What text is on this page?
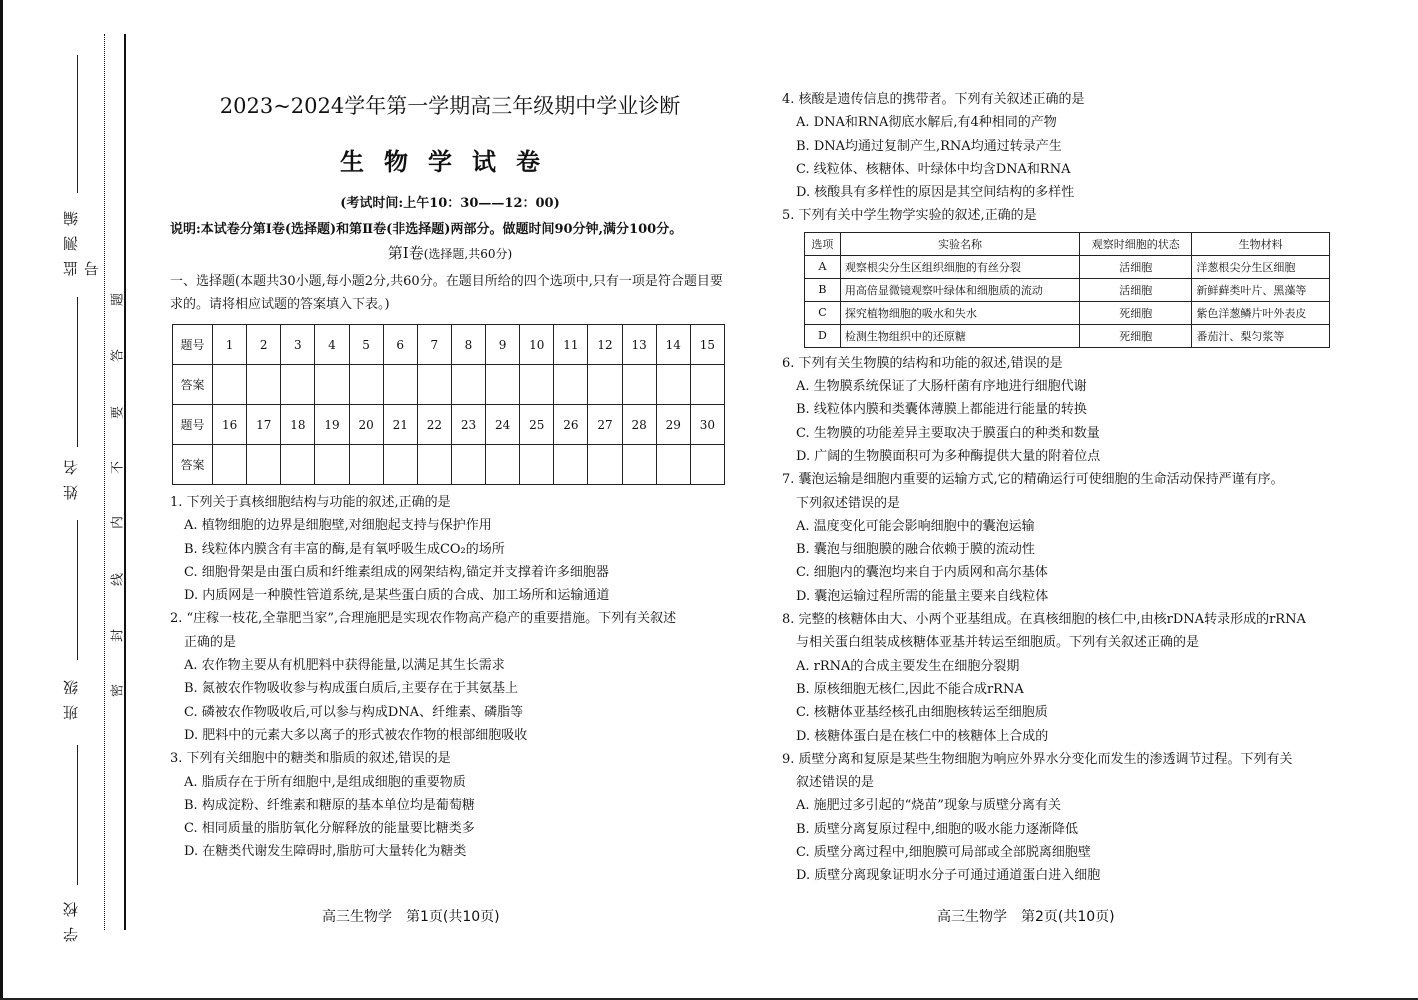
监测编号
姓名
班级
学校
题
答
要
不
内
线
封
密
2023~2024学年第一学期高三年级期中学业诊断
生物学试卷
(考试时间:上午10：30——12：00)
说明:本试卷分第Ⅰ卷(选择题)和第Ⅱ卷(非选择题)两部分。做题时间90分钟,满分100分。
第Ⅰ卷(选择题,共60分)
一、选择题(本题共30小题,每小题2分,共60分。在题目所给的四个选项中,只有一项是符合题目要求的。请将相应试题的答案填入下表。)
题号	1	2	3	4	5	6	7	8	9	10	11	12	13	14	15
答案															
题号	16	17	18	19	20	21	22	23	24	25	26	27	28	29	30
答案															
1. 下列关于真核细胞结构与功能的叙述,正确的是
A. 植物细胞的边界是细胞壁,对细胞起支持与保护作用
B. 线粒体内膜含有丰富的酶,是有氧呼吸生成CO₂的场所
C. 细胞骨架是由蛋白质和纤维素组成的网架结构,锚定并支撑着许多细胞器
D. 内质网是一种膜性管道系统,是某些蛋白质的合成、加工场所和运输通道
2. “庄稼一枝花,全靠肥当家”,合理施肥是实现农作物高产稳产的重要措施。下列有关叙述
正确的是
A. 农作物主要从有机肥料中获得能量,以满足其生长需求
B. 氮被农作物吸收参与构成蛋白质后,主要存在于其氨基上
C. 磷被农作物吸收后,可以参与构成DNA、纤维素、磷脂等
D. 肥料中的元素大多以离子的形式被农作物的根部细胞吸收
3. 下列有关细胞中的糖类和脂质的叙述,错误的是
A. 脂质存在于所有细胞中,是组成细胞的重要物质
B. 构成淀粉、纤维素和糖原的基本单位均是葡萄糖
C. 相同质量的脂肪氧化分解释放的能量要比糖类多
D. 在糖类代谢发生障碍时,脂肪可大量转化为糖类
高三生物学　第1页(共10页)
4. 核酸是遗传信息的携带者。下列有关叙述正确的是
A. DNA和RNA彻底水解后,有4种相同的产物
B. DNA均通过复制产生,RNA均通过转录产生
C. 线粒体、核糖体、叶绿体中均含DNA和RNA
D. 核酸具有多样性的原因是其空间结构的多样性
5. 下列有关中学生物学实验的叙述,正确的是
选项	实验名称	观察时细胞的状态	生物材料
A	观察根尖分生区组织细胞的有丝分裂	活细胞	洋葱根尖分生区细胞
B	用高倍显微镜观察叶绿体和细胞质的流动	活细胞	新鲜藓类叶片、黑藻等
C	探究植物细胞的吸水和失水	死细胞	紫色洋葱鳞片叶外表皮
D	检测生物组织中的还原糖	死细胞	番茄汁、梨匀浆等
6. 下列有关生物膜的结构和功能的叙述,错误的是
A. 生物膜系统保证了大肠杆菌有序地进行细胞代谢
B. 线粒体内膜和类囊体薄膜上都能进行能量的转换
C. 生物膜的功能差异主要取决于膜蛋白的种类和数量
D. 广阔的生物膜面积可为多种酶提供大量的附着位点
7. 囊泡运输是细胞内重要的运输方式,它的精确运行可使细胞的生命活动保持严谨有序。
下列叙述错误的是
A. 温度变化可能会影响细胞中的囊泡运输
B. 囊泡与细胞膜的融合依赖于膜的流动性
C. 细胞内的囊泡均来自于内质网和高尔基体
D. 囊泡运输过程所需的能量主要来自线粒体
8. 完整的核糖体由大、小两个亚基组成。在真核细胞的核仁中,由核rDNA转录形成的rRNA
与相关蛋白组装成核糖体亚基并转运至细胞质。下列有关叙述正确的是
A. rRNA的合成主要发生在细胞分裂期
B. 原核细胞无核仁,因此不能合成rRNA
C. 核糖体亚基经核孔由细胞核转运至细胞质
D. 核糖体蛋白是在核仁中的核糖体上合成的
9. 质壁分离和复原是某些生物细胞为响应外界水分变化而发生的渗透调节过程。下列有关
叙述错误的是
A. 施肥过多引起的“烧苗”现象与质壁分离有关
B. 质壁分离复原过程中,细胞的吸水能力逐渐降低
C. 质壁分离过程中,细胞膜可局部或全部脱离细胞壁
D. 质壁分离现象证明水分子可通过通道蛋白进入细胞
高三生物学　第2页(共10页)
